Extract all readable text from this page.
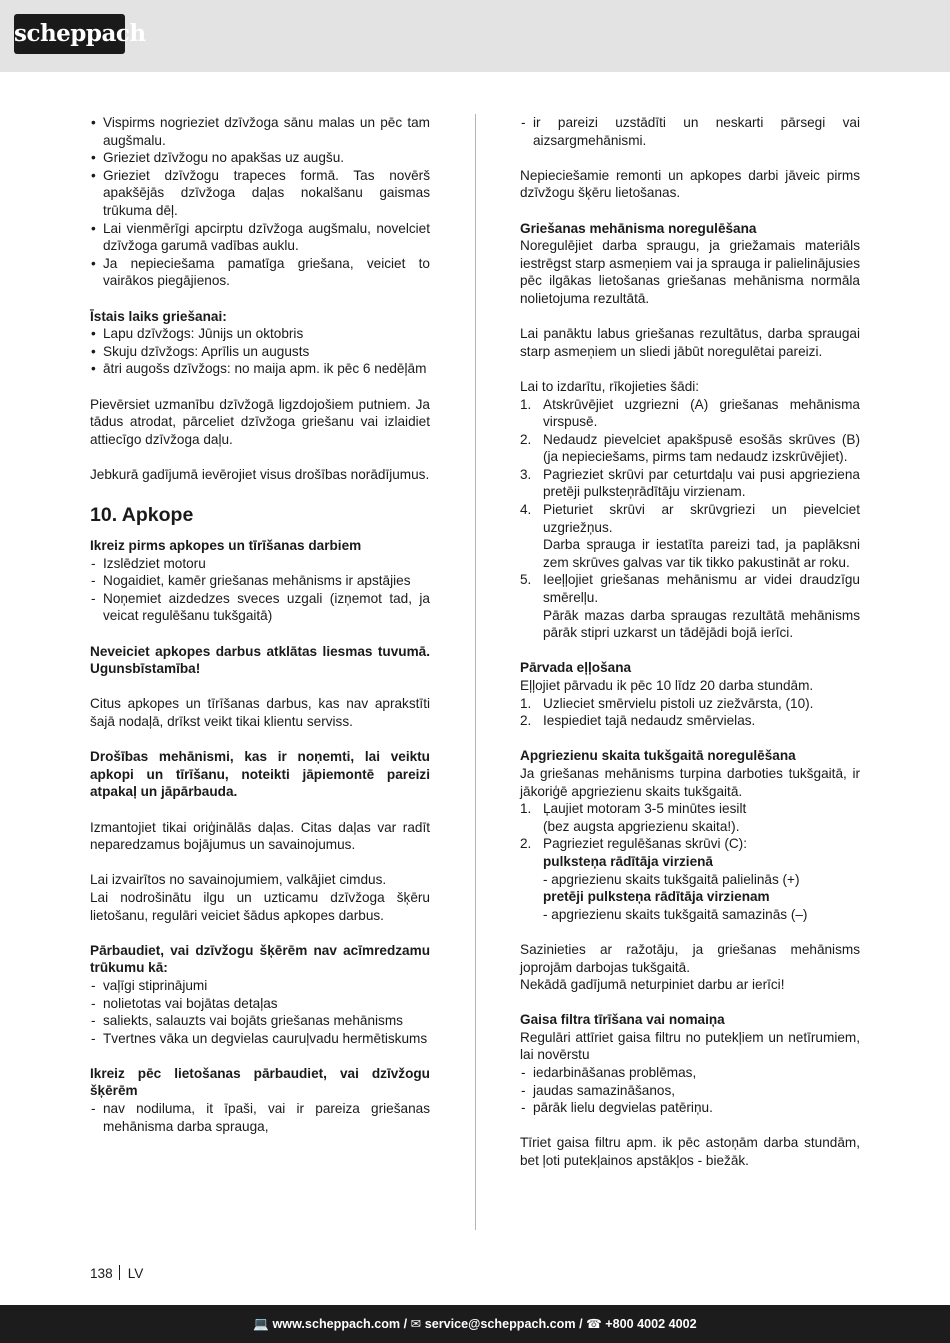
scheppach
• Vispirms nogrieziet dzīvžoga sānu malas un pēc tam augšmalu.
• Grieziet dzīvžogu no apakšas uz augšu.
• Grieziet dzīvžogu trapeces formā. Tas novērš apakšējās dzīvžoga daļas nokalšanu gaismas trūkuma dēļ.
• Lai vienmērīgi apcirptu dzīvžoga augšmalu, novelciet dzīvžoga garumā vadības auklu.
• Ja nepieciešama pamatīga griešana, veiciet to vairākos piegājienos.

Īstais laiks griešanai:

• Lapu dzīvžogs: Jūnijs un oktobris
• Skuju dzīvžogs: Aprīlis un augusts
• ātri augošs dzīvžogs: no maija apm. ik pēc 6 nedēļām

Pievērsiet uzmanību dzīvžogā ligzdojošiem putniem. Ja tādus atrodat, pārceliet dzīvžoga griešanu vai izlaidiet attiecīgo dzīvžoga daļu.

Jebkurā gadījumā ievērojiet visus drošības norādījumus.

10. Apkope

Ikreiz pirms apkopes un tīrīšanas darbiem

- Izslēdziet motoru
- Nogaidiet, kamēr griešanas mehānisms ir apstājies
- Noņemiet aizdedzes sveces uzgali (izņemot tad, ja veicat regulēšanu tukšgaitā)

Neveiciet apkopes darbus atklātas liesmas tuvumā. Ugunsbīstamība!

Citus apkopes un tīrīšanas darbus, kas nav aprakstīti šajā nodaļā, drīkst veikt tikai klientu serviss.

Drošības mehānismi, kas ir noņemti, lai veiktu apkopi un tīrīšanu, noteikti jāpiemontē pareizi atpakaļ un jāpārbauda.

Izmantojiet tikai oriģinālās daļas. Citas daļas var radīt neparedzamus bojājumus un savainojumus.

Lai izvairītos no savainojumiem, valkājiet cimdus.

Lai nodrošinātu ilgu un uzticamu dzīvžoga šķēru lietošanu, regulāri veiciet šādus apkopes darbus.

Pārbaudiet, vai dzīvžogu šķērēm nav acīmredzamu trūkumu kā:

- vaļīgi stiprinājumi
- nolietotas vai bojātas detaļas
- saliekts, salauzts vai bojāts griešanas mehānisms
- Tvertnes vāka un degvielas cauruļvadu hermētiskums

Ikreiz pēc lietošanas pārbaudiet, vai dzīvžogu šķērēm

- nav nodiluma, it īpaši, vai ir pareiza griešanas mehānisma darba sprauga,
- ir pareizi uzstādīti un neskarti pārsegi vai aizsargmehānismi.

Nepieciešamie remonti un apkopes darbi jāveic pirms dzīvžogu šķēru lietošanas.

Griešanas mehānisma noregulēšana

Noregulējiet darba spraugu, ja griežamais materiāls iestrēgst starp asmeņiem vai ja sprauga ir palielinājusies pēc ilgākas lietošanas griešanas mehānisma normāla nolietojuma rezultātā.

Lai panāktu labus griešanas rezultātus, darba spraugai starp asmeņiem un sliedi jābūt noregulētai pareizi.

Lai to izdarītu, rīkojieties šādi:

1. Atskrūvējiet uzgriezni (A) griešanas mehānisma virspusē.
2. Nedaudz pievelciet apakšpusē esošās skrūves (B) (ja nepieciešams, pirms tam nedaudz izskrūvējiet).
3. Pagrieziet skrūvi par ceturtdaļu vai pusi apgrieziena pretēji pulksteņrādītāju virzienam.
4. Pieturiet skrūvi ar skrūvgriezi un pievelciet uzgriežņus.
Darba sprauga ir iestatīta pareizi tad, ja paplāksni zem skrūves galvas var tik tikko pakustināt ar roku.
5. Ieeļļojiet griešanas mehānismu ar videi draudzīgu smērelļu.
Pārāk mazas darba spraugas rezultātā mehānisms pārāk stipri uzkarst un tādējādi bojā ierīci.

Pārvada eļļošana

Eļļojiet pārvadu ik pēc 10 līdz 20 darba stundām.

1. Uzlieciet smērvielu pistoli uz ziežvārsta, (10).
2. Iespiediet tajā nedaudz smērvielas.

Apgriezienu skaita tukšgaitā noregulēšana

Ja griešanas mehānisms turpina darboties tukšgaitā, ir jākoriģē apgriezienu skaits tukšgaitā.

1. Ļaujiet motoram 3-5 minūtes iesilt
(bez augsta apgriezienu skaita!).
2. Pagrieziet regulēšanas skrūvi (C):
pulksteņa rādītāja virzienā
- apgriezienu skaits tukšgaitā palielinās (+)
pretēji pulksteņa rādītāja virzienam
- apgriezienu skaits tukšgaitā samazinās (–)

Sazinieties ar ražotāju, ja griešanas mehānisms joprojām darbojas tukšgaitā.

Nekādā gadījumā neturpiniet darbu ar ierīci!

Gaisa filtra tīrīšana vai nomaiņa

Regulāri attīriet gaisa filtru no putekļiem un netīrumiem, lai novērstu

- iedarbināšanas problēmas,
- jaudas samazināšanos,
- pārāk lielu degvielas patēriņu.

Tīriet gaisa filtru apm. ik pēc astoņām darba stundām, bet ļoti putekļainos apstākļos - biežāk.

138 LV
💻 www.scheppach.com / ✉ service@scheppach.com / ☎ +800 4002 4002
